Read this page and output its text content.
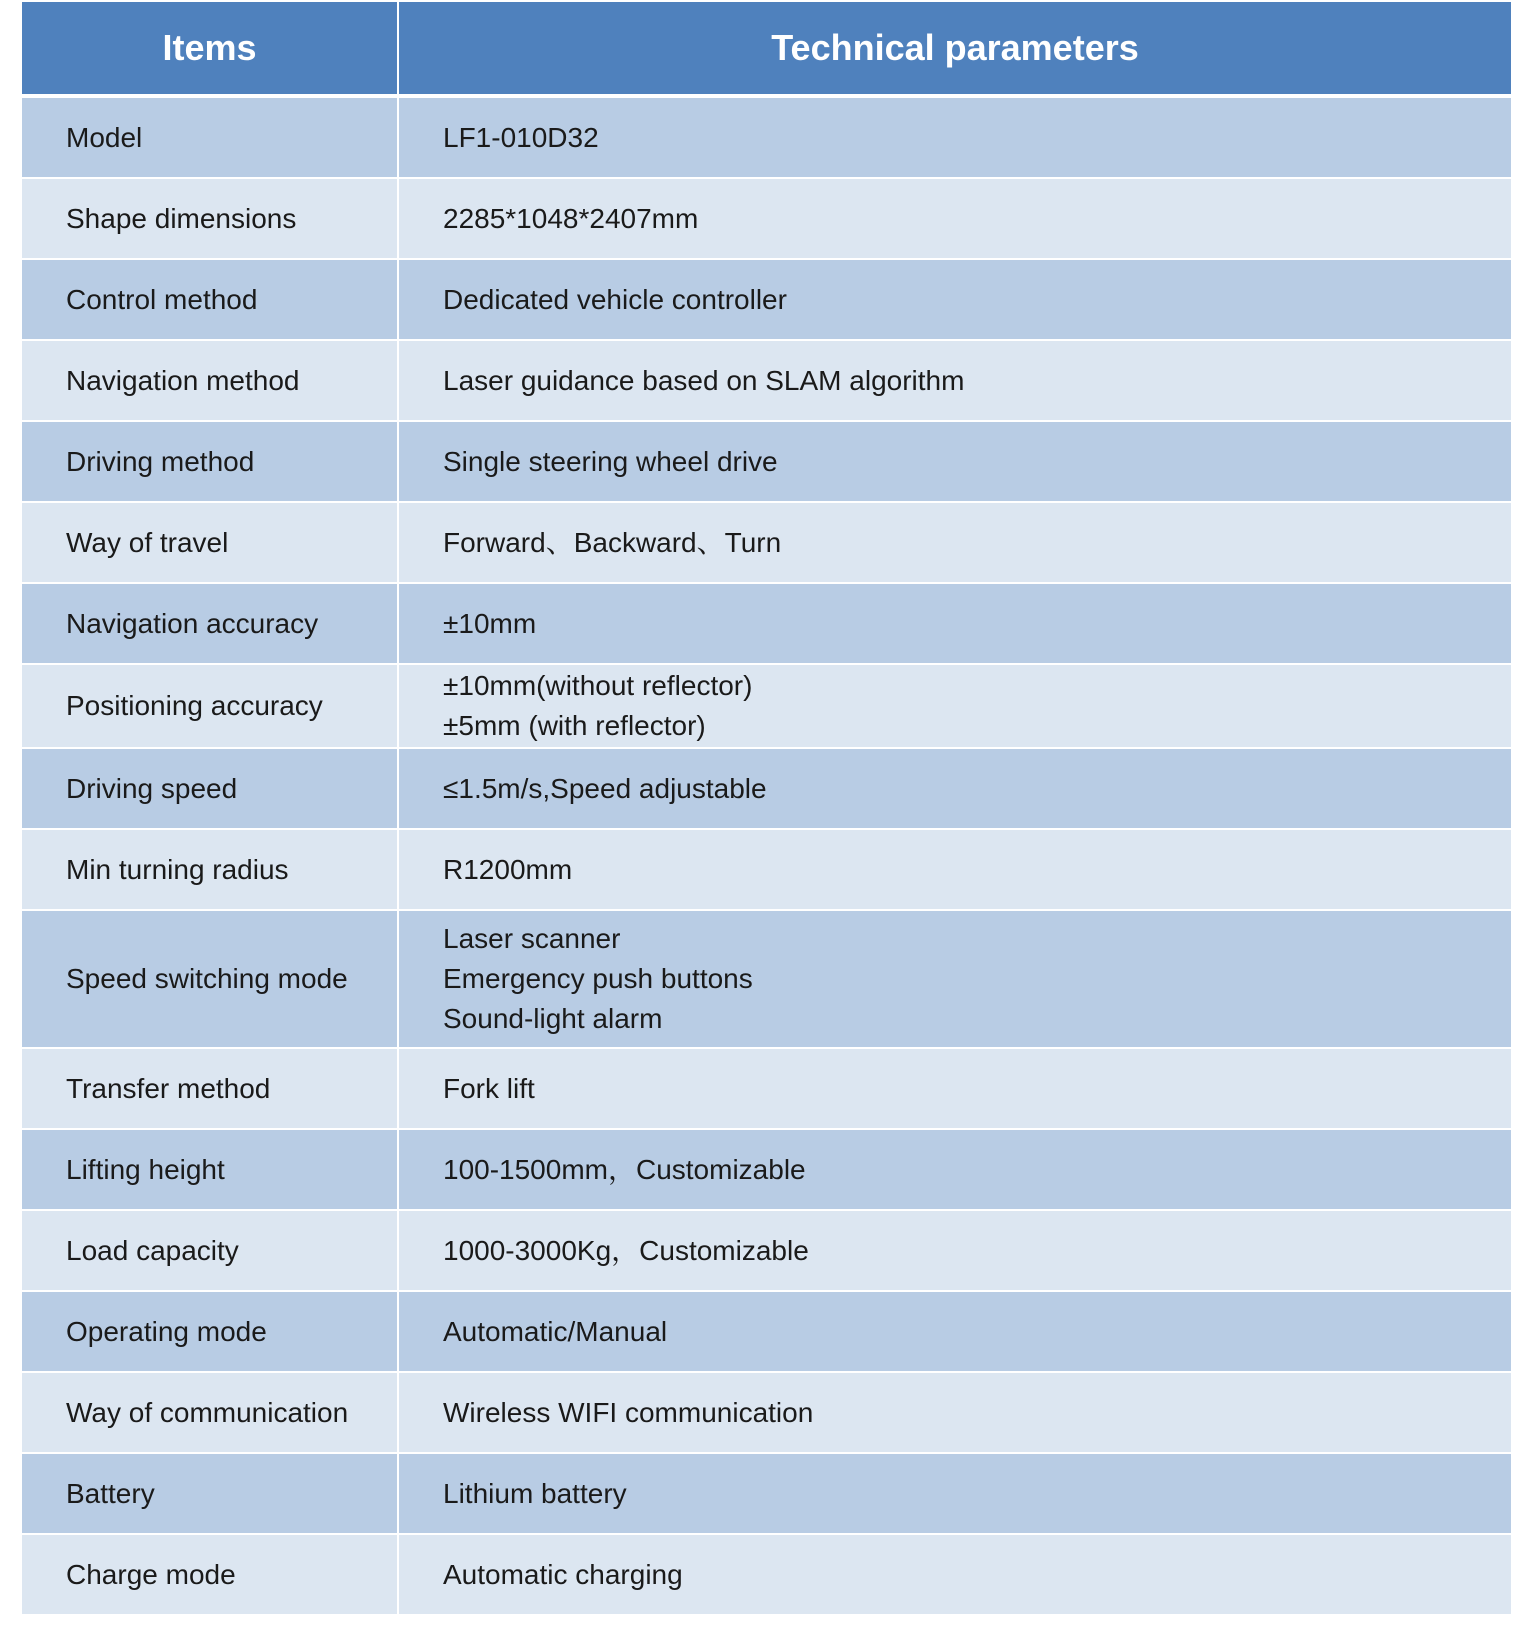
Items	Technical parameters

Model	LF1-010D32

Shape dimensions	2285*1048*2407mm

Control method	Dedicated vehicle controller

Navigation method	Laser guidance based on SLAM algorithm

Driving method	Single steering wheel drive

Way of travel	Forward、Backward、Turn

Navigation accuracy	±10mm

Positioning accuracy	±10mm(without reflector)
±5mm (with reflector)

Driving speed	≤1.5m/s,Speed adjustable

Min turning radius	R1200mm

Speed switching mode	Laser scanner
Emergency push buttons
Sound-light alarm

Transfer method	Fork lift

Lifting height	100-1500mm，Customizable

Load capacity	1000-3000Kg，Customizable

Operating mode	Automatic/Manual

Way of communication	Wireless WIFI communication

Battery	Lithium battery

Charge mode	Automatic charging
